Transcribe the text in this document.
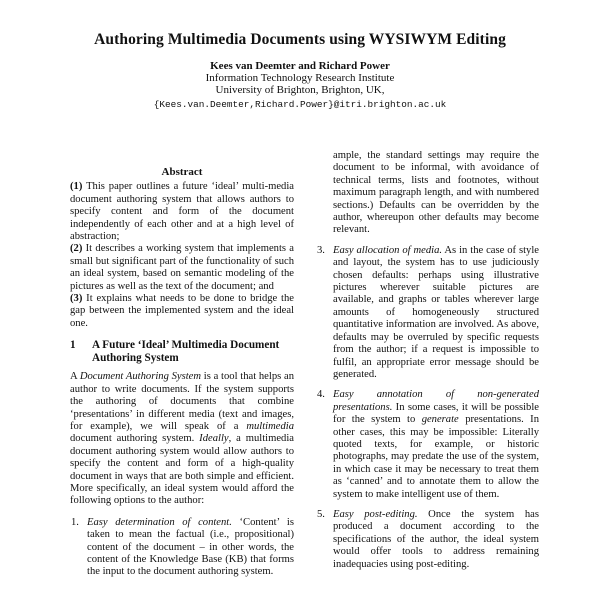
Authoring Multimedia Documents using WYSIWYM Editing
Kees van Deemter and Richard Power
Information Technology Research Institute
University of Brighton, Brighton, UK,
{Kees.van.Deemter,Richard.Power}@itri.brighton.ac.uk
Abstract

(1) This paper outlines a future ‘ideal’ multi-media document authoring system that allows authors to specify content and form of the document independently of each other and at a high level of abstraction;

(2) It describes a working system that implements a small but significant part of the functionality of such an ideal system, based on semantic modeling of the pictures as well as the text of the document; and

(3) It explains what needs to be done to bridge the gap between the implemented system and the ideal one.

1	A Future ‘Ideal’ Multimedia Document Authoring System

A Document Authoring System is a tool that helps an author to write documents. If the system supports the authoring of documents that combine ‘presentations’ in different media (text and images, for example), we will speak of a multimedia document authoring system. Ideally, a multimedia document authoring system would allow authors to specify the content and form of a high-quality document in ways that are both simple and efficient. More specifically, an ideal system would afford the following options to the author:

1. Easy determination of content. ‘Content’ is taken to mean the factual (i.e., propositional) content of the document – in other words, the content of the Knowledge Base (KB) that forms the input to the document authoring system.
ample, the standard settings may require the document to be informal, with avoidance of technical terms, lists and footnotes, without maximum paragraph length, and with numbered sections.) Defaults can be overridden by the author, whereupon other defaults may become relevant.
3. Easy allocation of media. As in the case of style and layout, the system has to use judiciously chosen defaults: perhaps using illustrative pictures wherever suitable pictures are available, and graphs or tables wherever large amounts of homogeneously structured quantitative information are involved. As above, defaults may be overruled by specific requests from the author; if a request is impossible to fulfil, an appropriate error message should be generated.
4. Easy annotation of non-generated presentations. In some cases, it will be possible for the system to generate presentations. In other cases, this may be impossible: Literally quoted texts, for example, or historic photographs, may predate the use of the system, in which case it may be necessary to treat them as ‘canned’ and to annotate them to allow the system to make intelligent use of them.
5. Easy post-editing. Once the system has produced a document according to the specifications of the author, the ideal system would offer tools to address remaining inadequacies using post-editing.
